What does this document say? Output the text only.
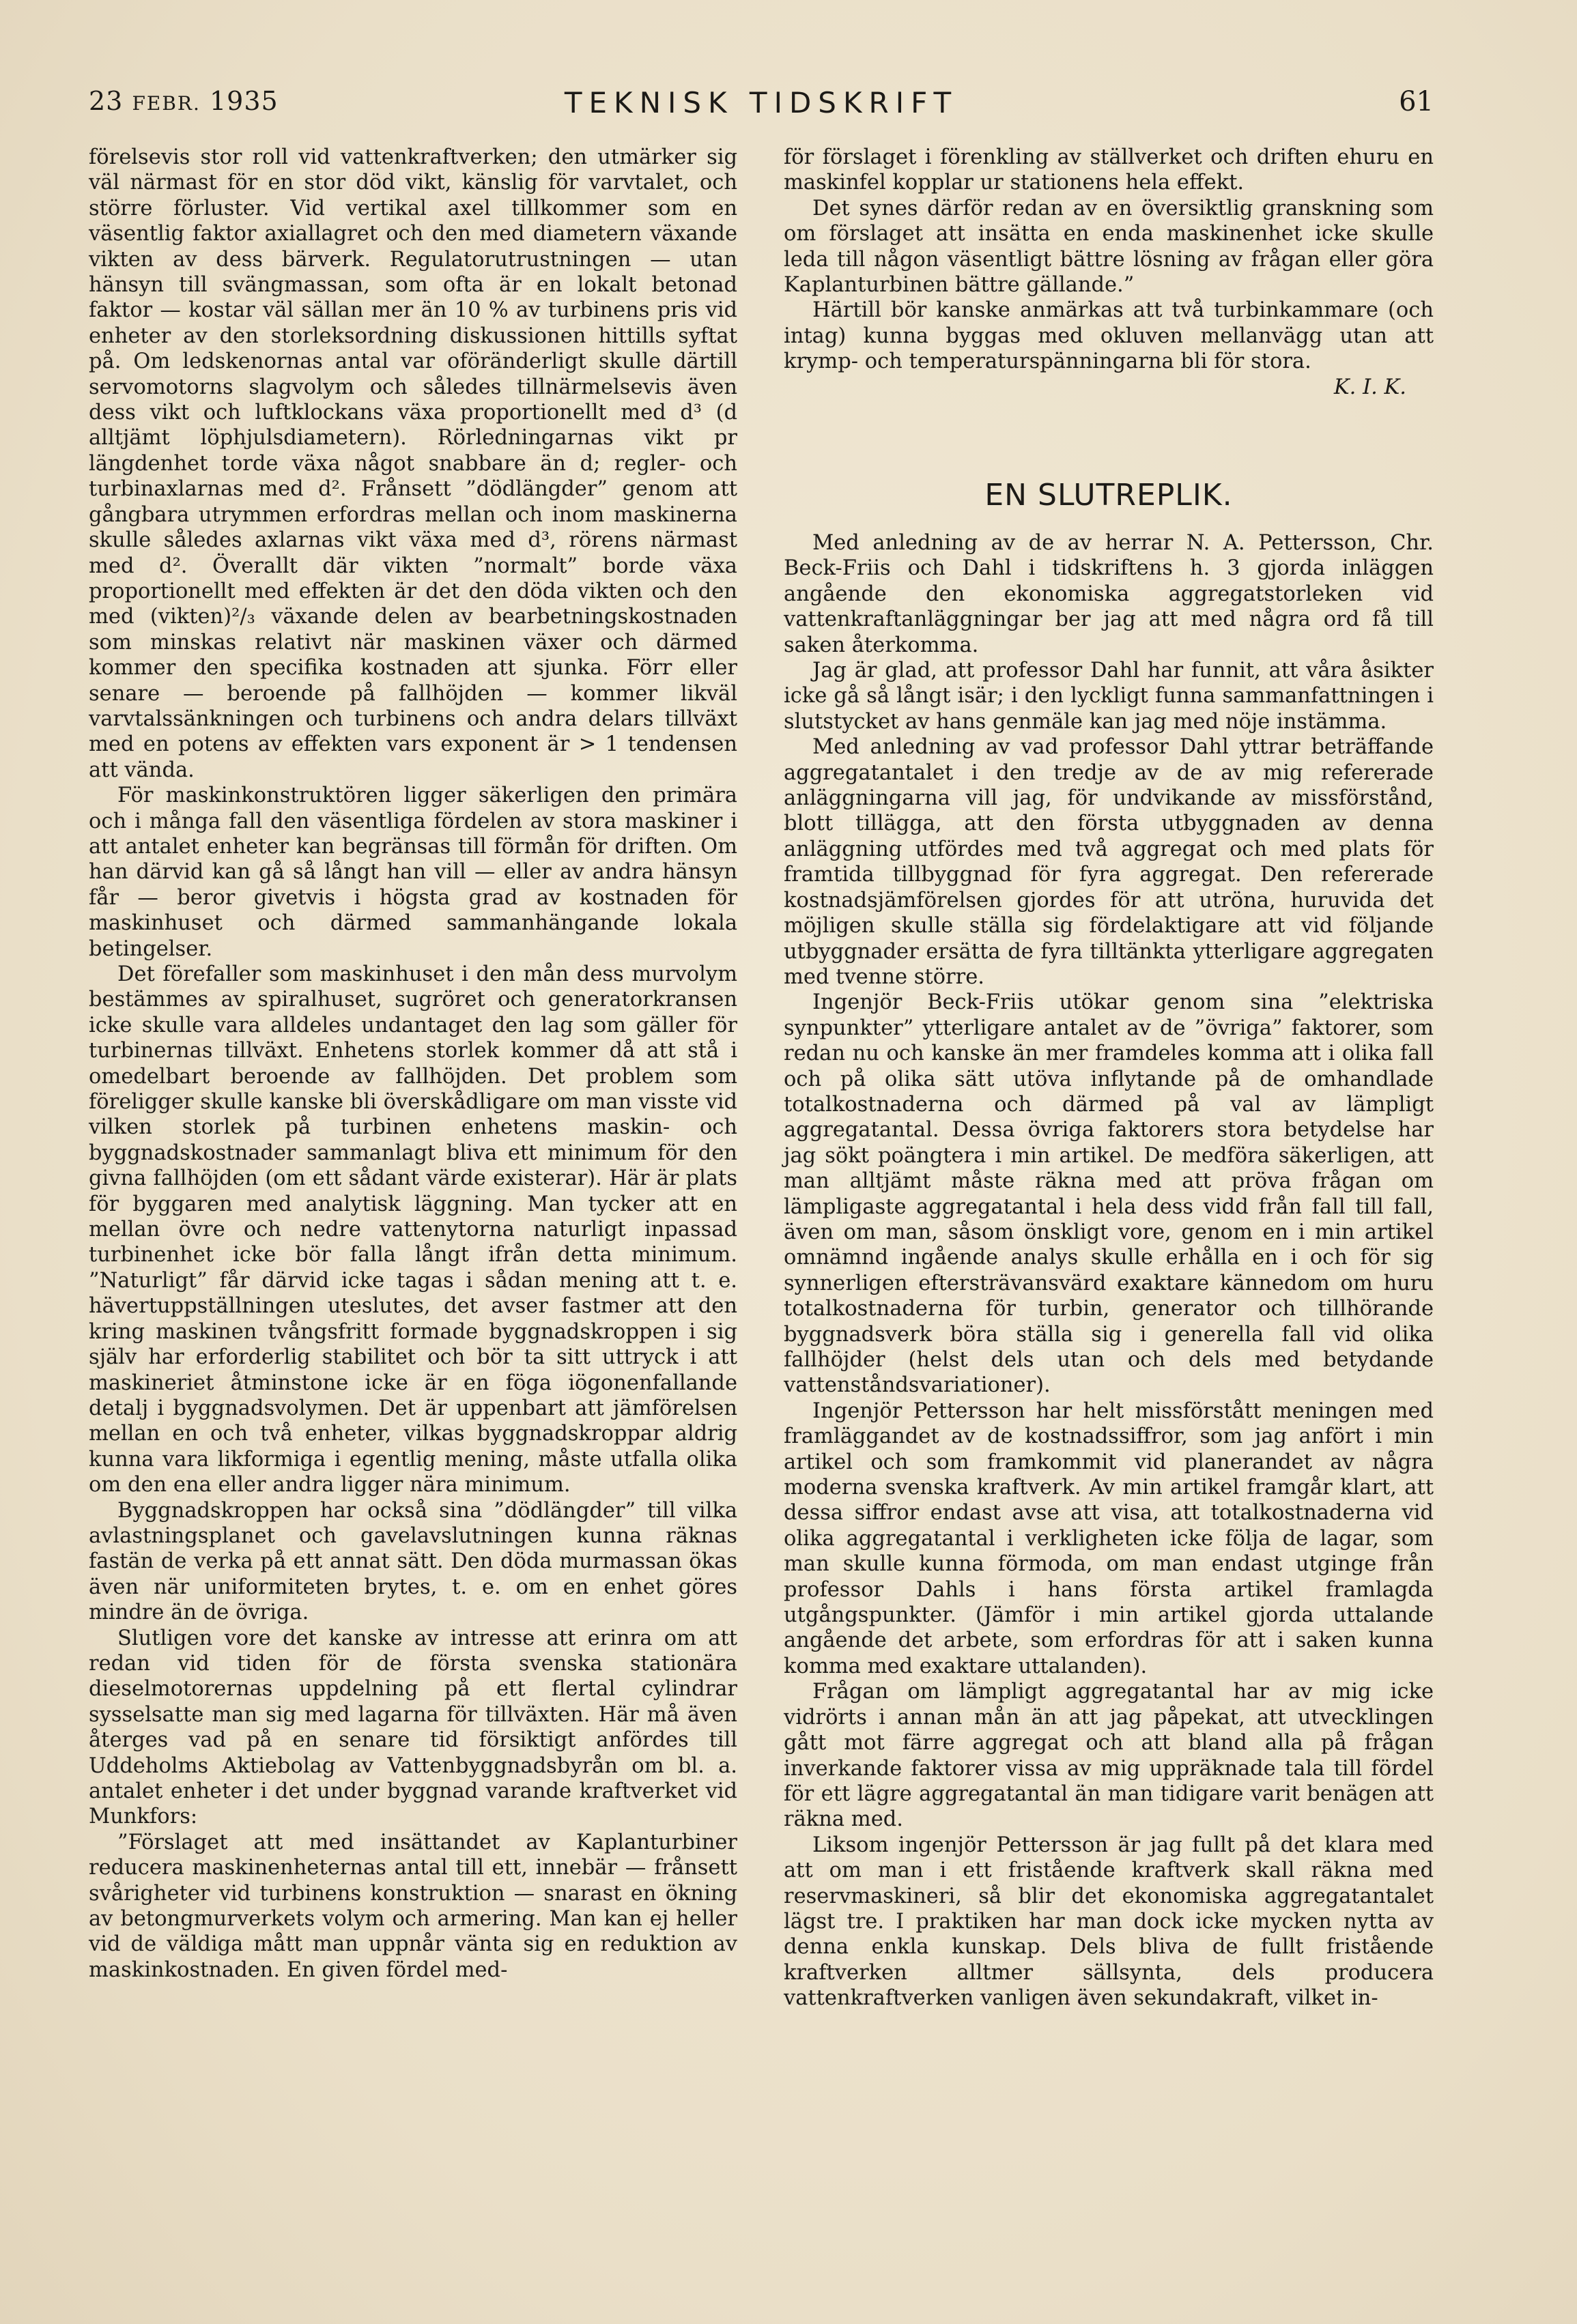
23 FEBR. 1935	TEKNISK TIDSKRIFT	61

förelsevis stor roll vid vattenkraftverken; den utmärker sig väl närmast för en stor död vikt, känslig för varvtalet, och större förluster. Vid vertikal axel tillkommer som en väsentlig faktor axiallagret och den med diametern växande vikten av dess bärverk. Regulatorutrustningen — utan hänsyn till svängmassan, som ofta är en lokalt betonad faktor — kostar väl sällan mer än 10 % av turbinens pris vid enheter av den storleksordning diskussionen hittills syftat på. Om ledskenornas antal var oföränderligt skulle därtill servomotorns slagvolym och således tillnärmelsevis även dess vikt och luftklockans växa proportionellt med d³ (d alltjämt löphjulsdiametern). Rörledningarnas vikt pr längdenhet torde växa något snabbare än d; regler- och turbinaxlarnas med d². Frånsett ”dödlängder” genom att gångbara utrymmen erfordras mellan och inom maskinerna skulle således axlarnas vikt växa med d³, rörens närmast med d². Överallt där vikten ”normalt” borde växa proportionellt med effekten är det den döda vikten och den med (vikten)²/₃ växande delen av bearbetningskostnaden som minskas relativt när maskinen växer och därmed kommer den specifika kostnaden att sjunka. Förr eller senare — beroende på fallhöjden — kommer likväl varvtalssänkningen och turbinens och andra delars tillväxt med en potens av effekten vars exponent är > 1 tendensen att vända.

För maskinkonstruktören ligger säkerligen den primära och i många fall den väsentliga fördelen av stora maskiner i att antalet enheter kan begränsas till förmån för driften. Om han därvid kan gå så långt han vill — eller av andra hänsyn får — beror givetvis i högsta grad av kostnaden för maskinhuset och därmed sammanhängande lokala betingelser.

Det förefaller som maskinhuset i den mån dess murvolym bestämmes av spiralhuset, sugröret och generatorkransen icke skulle vara alldeles undantaget den lag som gäller för turbinernas tillväxt. Enhetens storlek kommer då att stå i omedelbart beroende av fallhöjden. Det problem som föreligger skulle kanske bli överskådligare om man visste vid vilken storlek på turbinen enhetens maskin- och byggnadskostnader sammanlagt bliva ett minimum för den givna fallhöjden (om ett sådant värde existerar). Här är plats för byggaren med analytisk läggning. Man tycker att en mellan övre och nedre vattenytorna naturligt inpassad turbinenhet icke bör falla långt ifrån detta minimum. ”Naturligt” får därvid icke tagas i sådan mening att t. e. hävertuppställningen uteslutes, det avser fastmer att den kring maskinen tvångsfritt formade byggnadskroppen i sig själv har erforderlig stabilitet och bör ta sitt uttryck i att maskineriet åtminstone icke är en föga iögonenfallande detalj i byggnadsvolymen. Det är uppenbart att jämförelsen mellan en och två enheter, vilkas byggnadskroppar aldrig kunna vara likformiga i egentlig mening, måste utfalla olika om den ena eller andra ligger nära minimum.

Byggnadskroppen har också sina ”dödlängder” till vilka avlastningsplanet och gavelavslutningen kunna räknas fastän de verka på ett annat sätt. Den döda murmassan ökas även när uniformiteten brytes, t. e. om en enhet göres mindre än de övriga.

Slutligen vore det kanske av intresse att erinra om att redan vid tiden för de första svenska stationära dieselmotorernas uppdelning på ett flertal cylindrar sysselsatte man sig med lagarna för tillväxten. Här må även återges vad på en senare tid försiktigt anfördes till Uddeholms Aktiebolag av Vattenbyggnadsbyrån om bl. a. antalet enheter i det under byggnad varande kraftverket vid Munkfors:

”Förslaget att med insättandet av Kaplanturbiner reducera maskinenheternas antal till ett, innebär — frånsett svårigheter vid turbinens konstruktion — snarast en ökning av betongmurverkets volym och armering. Man kan ej heller vid de väldiga mått man uppnår vänta sig en reduktion av maskinkostnaden. En given fördel med-

för förslaget i förenkling av ställverket och driften ehuru en maskinfel kopplar ur stationens hela effekt.

Det synes därför redan av en översiktlig granskning som om förslaget att insätta en enda maskinenhet icke skulle leda till någon väsentligt bättre lösning av frågan eller göra Kaplanturbinen bättre gällande.”

Härtill bör kanske anmärkas att två turbinkammare (och intag) kunna byggas med okluven mellanvägg utan att krymp- och temperaturspänningarna bli för stora.

K. I. K.
EN SLUTREPLIK.

Med anledning av de av herrar N. A. Pettersson, Chr. Beck-Friis och Dahl i tidskriftens h. 3 gjorda inläggen angående den ekonomiska aggregatstorleken vid vattenkraftanläggningar ber jag att med några ord få till saken återkomma.

Jag är glad, att professor Dahl har funnit, att våra åsikter icke gå så långt isär; i den lyckligt funna sammanfattningen i slutstycket av hans genmäle kan jag med nöje instämma.

Med anledning av vad professor Dahl yttrar beträffande aggregatantalet i den tredje av de av mig refererade anläggningarna vill jag, för undvikande av missförstånd, blott tillägga, att den första utbyggnaden av denna anläggning utfördes med två aggregat och med plats för framtida tillbyggnad för fyra aggregat. Den refererade kostnadsjämförelsen gjordes för att utröna, huruvida det möjligen skulle ställa sig fördelaktigare att vid följande utbyggnader ersätta de fyra tilltänkta ytterligare aggregaten med tvenne större.

Ingenjör Beck-Friis utökar genom sina ”elektriska synpunkter” ytterligare antalet av de ”övriga” faktorer, som redan nu och kanske än mer framdeles komma att i olika fall och på olika sätt utöva inflytande på de omhandlade totalkostnaderna och därmed på val av lämpligt aggregatantal. Dessa övriga faktorers stora betydelse har jag sökt poängtera i min artikel. De medföra säkerligen, att man alltjämt måste räkna med att pröva frågan om lämpligaste aggregatantal i hela dess vidd från fall till fall, även om man, såsom önskligt vore, genom en i min artikel omnämnd ingående analys skulle erhålla en i och för sig synnerligen eftersträvansvärd exaktare kännedom om huru totalkostnaderna för turbin, generator och tillhörande byggnadsverk böra ställa sig i generella fall vid olika fallhöjder (helst dels utan och dels med betydande vattenståndsvariationer).

Ingenjör Pettersson har helt missförstått meningen med framläggandet av de kostnadssiffror, som jag anfört i min artikel och som framkommit vid planerandet av några moderna svenska kraftverk. Av min artikel framgår klart, att dessa siffror endast avse att visa, att totalkostnaderna vid olika aggregatantal i verkligheten icke följa de lagar, som man skulle kunna förmoda, om man endast utginge från professor Dahls i hans första artikel framlagda utgångspunkter. (Jämför i min artikel gjorda uttalande angående det arbete, som erfordras för att i saken kunna komma med exaktare uttalanden).

Frågan om lämpligt aggregatantal har av mig icke vidrörts i annan mån än att jag påpekat, att utvecklingen gått mot färre aggregat och att bland alla på frågan inverkande faktorer vissa av mig uppräknade tala till fördel för ett lägre aggregatantal än man tidigare varit benägen att räkna med.

Liksom ingenjör Pettersson är jag fullt på det klara med att om man i ett fristående kraftverk skall räkna med reservmaskineri, så blir det ekonomiska aggregatantalet lägst tre. I praktiken har man dock icke mycken nytta av denna enkla kunskap. Dels bliva de fullt fristående kraftverken alltmer sällsynta, dels producera vattenkraftverken vanligen även sekundakraft, vilket in-
